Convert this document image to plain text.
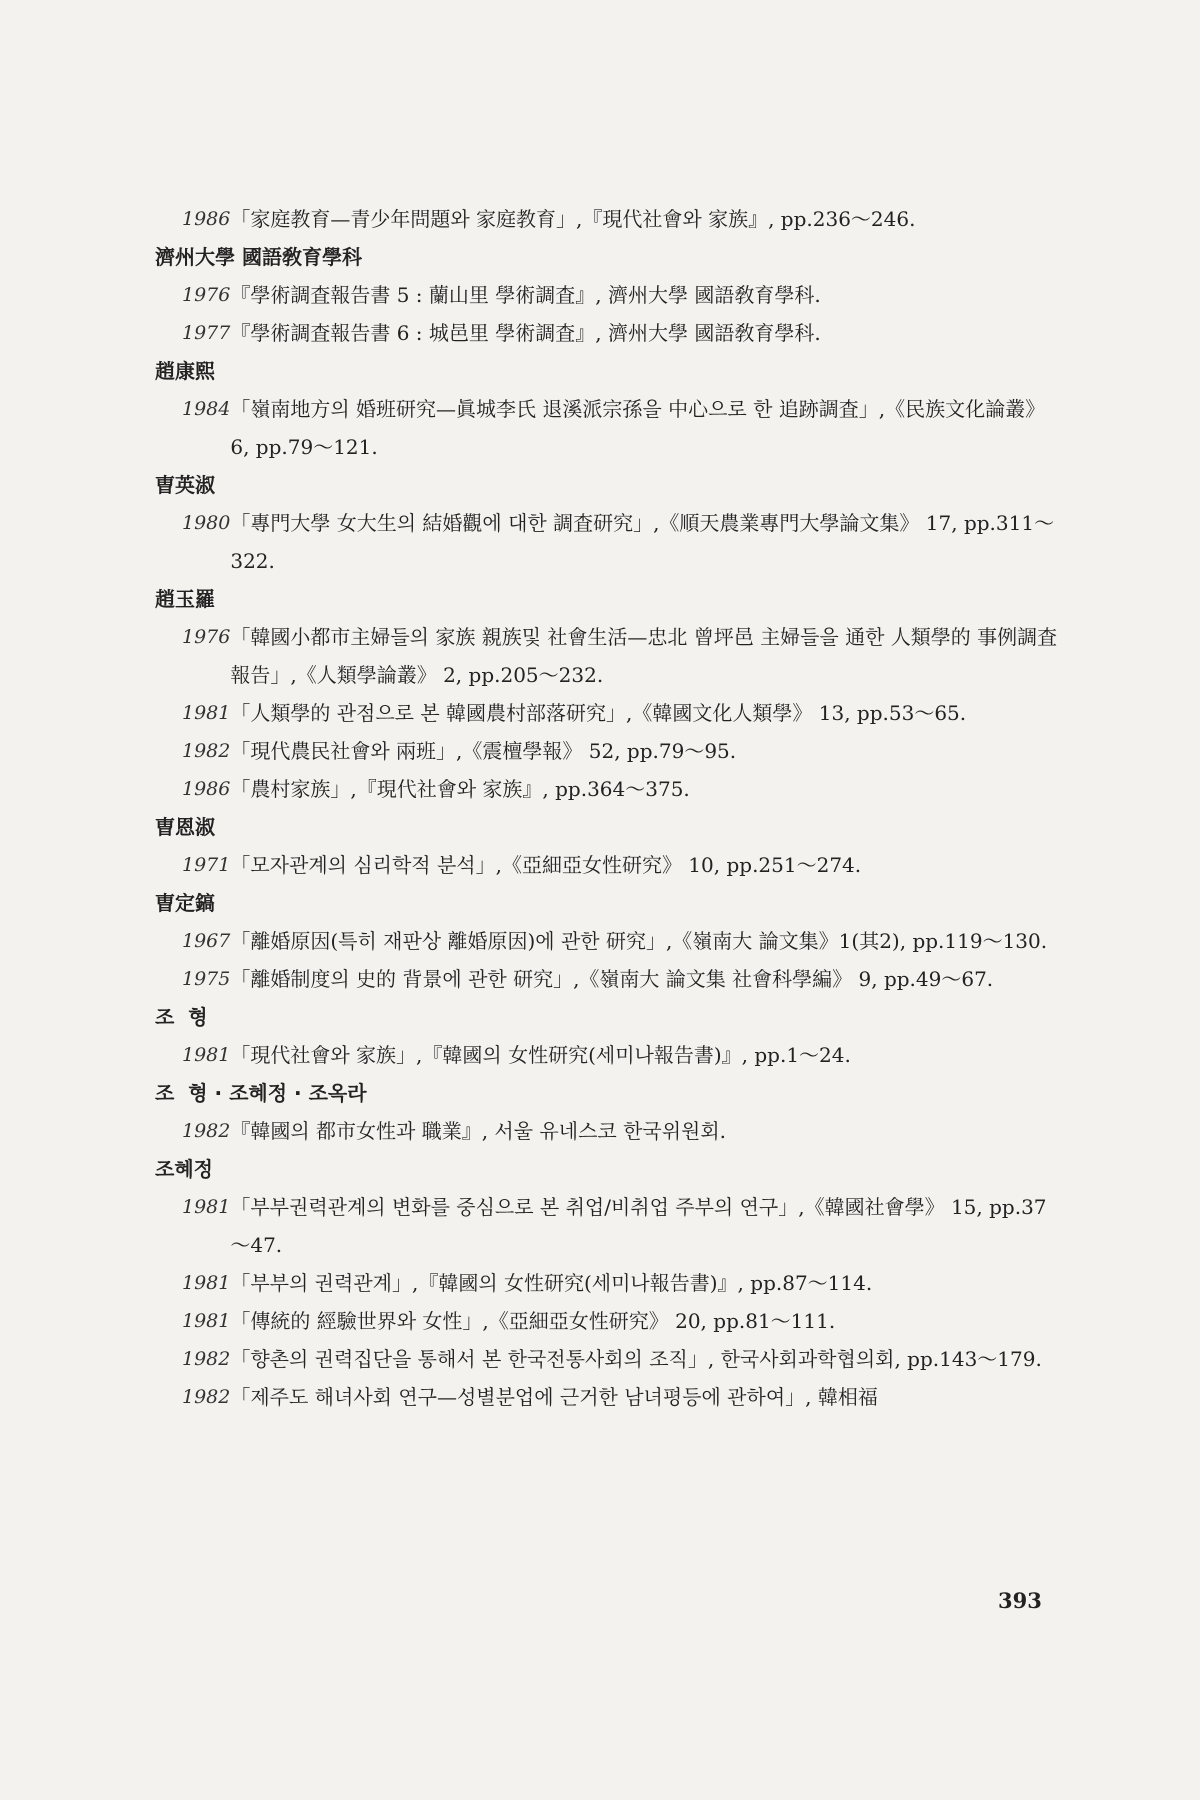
1986 「家庭教育—青少年問題와 家庭教育」,『現代社會와 家族』, pp.236～246.
濟州大學 國語敎育學科
1976 『學術調査報告書 5 : 蘭山里 學術調査』, 濟州大學 國語敎育學科.
1977 『學術調査報告書 6 : 城邑里 學術調査』, 濟州大學 國語敎育學科.
趙康熙
1984 「嶺南地方의 婚班研究—眞城李氏 退溪派宗孫을 中心으로 한 追跡調査」,《民族文化論叢》 6, pp.79～121.
曺英淑
1980 「專門大學 女大生의 結婚觀에 대한 調査研究」,《順天農業專門大學論文集》 17, pp.311～322.
趙玉羅
1976 「韓國小都市主婦들의 家族 親族및 社會生活—忠北 曾坪邑 主婦들을 通한 人類學的 事例調査報告」,《人類學論叢》 2, pp.205～232.
1981 「人類學的 관점으로 본 韓國農村部落研究」,《韓國文化人類學》 13, pp.53～65.
1982 「現代農民社會와 兩班」,《震檀學報》 52, pp.79～95.
1986 「農村家族」,『現代社會와 家族』, pp.364～375.
曺恩淑
1971 「모자관계의 심리학적 분석」,《亞細亞女性研究》 10, pp.251～274.
曺定鎬
1967 「離婚原因(특히 재판상 離婚原因)에 관한 研究」,《嶺南大 論文集》1(其2), pp.119～130.
1975 「離婚制度의 史的 背景에 관한 研究」,《嶺南大 論文集 社會科學編》 9, pp.49～67.
조  형
1981 「現代社會와 家族」,『韓國의 女性研究(세미나報告書)』, pp.1～24.
조  형 · 조혜정 · 조옥라
1982 『韓國의 都市女性과 職業』, 서울 유네스코 한국위원회.
조혜정
1981 「부부권력관계의 변화를 중심으로 본 취업/비취업 주부의 연구」,《韓國社會學》 15, pp.37～47.
1981 「부부의 권력관계」,『韓國의 女性研究(세미나報告書)』, pp.87～114.
1981 「傳統的 經驗世界와 女性」,《亞細亞女性研究》 20, pp.81～111.
1982 「향촌의 권력집단을 통해서 본 한국전통사회의 조직」, 한국사회과학협의회, pp.143～179.
1982 「제주도 해녀사회 연구—성별분업에 근거한 남녀평등에 관하여」, 韓相福
393
